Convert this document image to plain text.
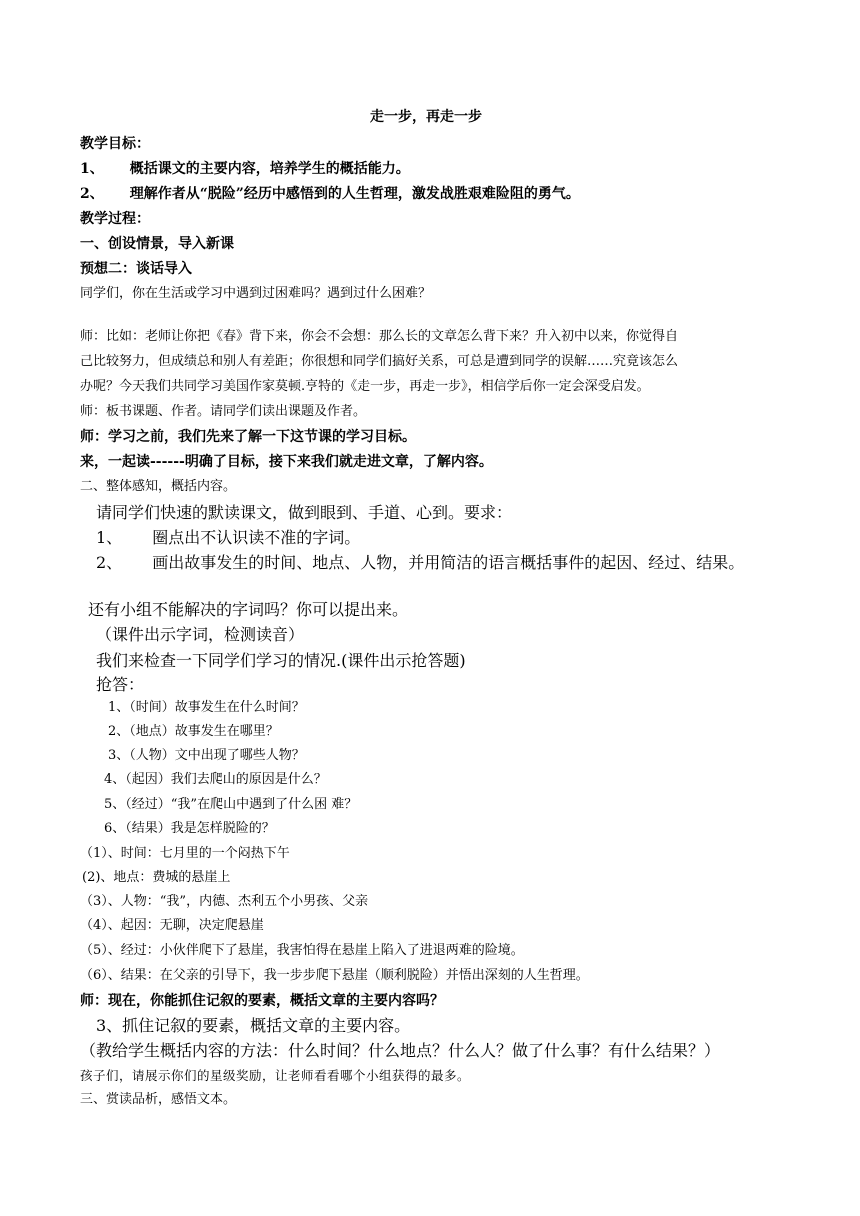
走一步，再走一步
教学目标：
1、 概括课文的主要内容，培养学生的概括能力。
2、 理解作者从“脱险”经历中感悟到的人生哲理，激发战胜艰难险阻的勇气。
教学过程：
一、创设情景，导入新课
预想二：谈话导入
同学们，你在生活或学习中遇到过困难吗？遇到过什么困难？
师：比如：老师让你把《春》背下来，你会不会想：那么长的文章怎么背下来？升入初中以来，你觉得自
己比较努力，但成绩总和别人有差距；你很想和同学们搞好关系，可总是遭到同学的误解……究竟该怎么
办呢？今天我们共同学习美国作家莫顿.亨特的《走一步，再走一步》，相信学后你一定会深受启发。
师：板书课题、作者。请同学们读出课题及作者。
师：学习之前，我们先来了解一下这节课的学习目标。
来，一起读------明确了目标，接下来我们就走进文章，了解内容。
二、整体感知，概括内容。
请同学们快速的默读课文，做到眼到、手道、心到。要求：
1、 圈点出不认识读不准的字词。
2、 画出故事发生的时间、地点、人物，并用简洁的语言概括事件的起因、经过、结果。
还有小组不能解决的字词吗？你可以提出来。
（课件出示字词，检测读音）
我们来检查一下同学们学习的情况.(课件出示抢答题)
抢答：
1、（时间）故事发生在什么时间？
2、（地点）故事发生在哪里？
3、（人物）文中出现了哪些人物？
4、（起因）我们去爬山的原因是什么？
5、（经过）“我”在爬山中遇到了什么困 难？
6、（结果）我是怎样脱险的？
（1）、时间：七月里的一个闷热下午
(2)、地点：费城的悬崖上
（3）、人物：“我”，内德、杰利五个小男孩、父亲
（4）、起因：无聊，决定爬悬崖
（5）、经过：小伙伴爬下了悬崖，我害怕得在悬崖上陷入了进退两难的险境。
（6）、结果：在父亲的引导下，我一步步爬下悬崖（顺利脱险）并悟出深刻的人生哲理。
师：现在，你能抓住记叙的要素，概括文章的主要内容吗？
3、抓住记叙的要素，概括文章的主要内容。
（教给学生概括内容的方法：什么时间？什么地点？什么人？做了什么事？有什么结果？）
孩子们，请展示你们的星级奖励，让老师看看哪个小组获得的最多。
三、赏读品析，感悟文本。
